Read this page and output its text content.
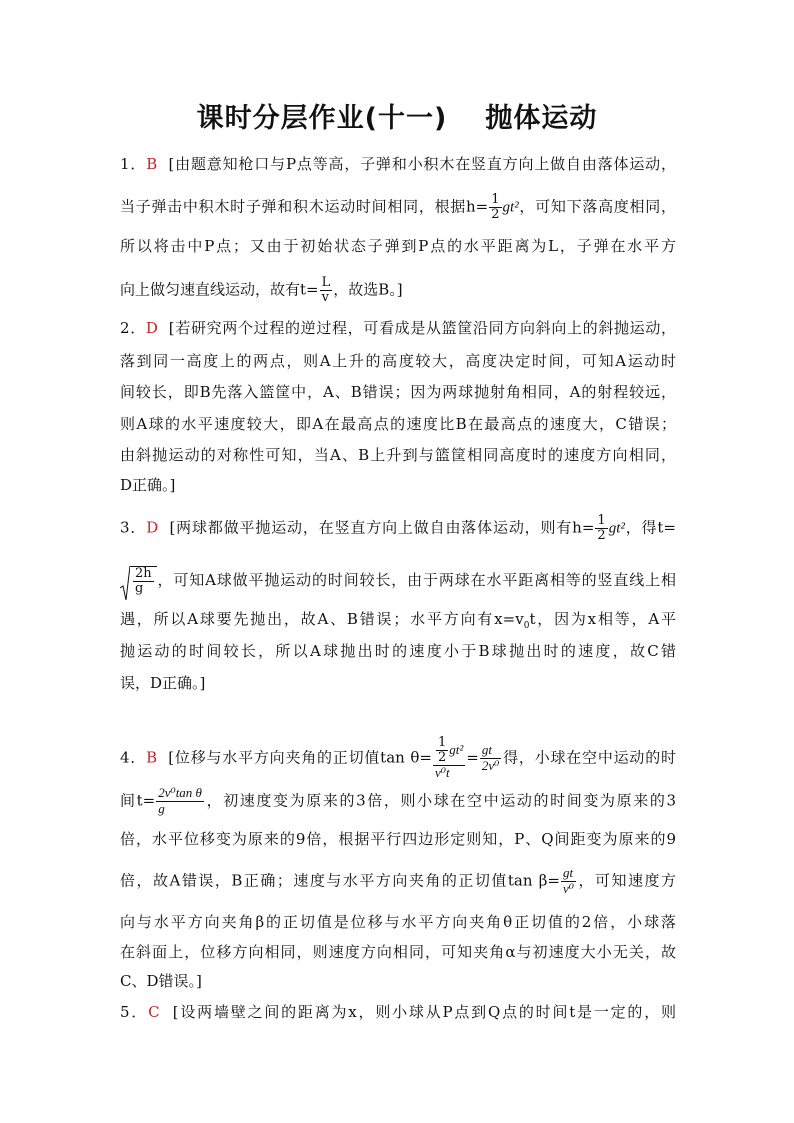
课时分层作业(十一) 抛体运动
1．B [由题意知枪口与P点等高，子弹和小积木在竖直方向上做自由落体运动，
当子弹击中积木时子弹和积木运动时间相同，根据$h= \frac{1}{2} gt^2$，可知下落高度相同，
所以将击中P点；又由于初始状态子弹到P点的水平距离为L，子弹在水平方
向上做匀速直线运动，故有$t= \frac{L}{v}$ ，故选B。]
2．D [若研究两个过程的逆过程，可看成是从篮筐沿同方向斜向上的斜抛运动，
落到同一高度上的两点，则A上升的高度较大，高度决定时间，可知A运动时
间较长，即B先落入篮筐中，A、B错误；因为两球抛射角相同，A的射程较远，
则A球的水平速度较大，即A在最高点的速度比B在最高点的速度大，C错误；
由斜抛运动的对称性可知，当A、B上升到与篮筐相同高度时的速度方向相同，
D正确。]
3．D [两球都做平抛运动，在竖直方向上做自由落体运动，则有$h= \frac{1}{2} gt^2$，得t=
$\frac{2h}{g}$ ，可知A球做平抛运动的时间较长，由于两球在水平距离相等的竖直线上相
遇，所以A球要先抛出，故A、B错误；水平方向有$x=v_0t$，因为x相等，A平
抛运动的时间较长，所以A球抛出时的速度小于B球抛出时的速度，故C错
误，D正确。]
4．B [位移与水平方向夹角的正切值$\tan \theta= \frac{\frac{1}{2} gt^2}{\text{v⁰t}} = \frac{gt}{\text{2v⁰}}$ 得，小球在空中运动的时
间$t= \frac{\text{2v⁰tan θ}}{g}$ ，初速度变为原来的3倍，则小球在空中运动的时间变为原来的3
倍，水平位移变为原来的9倍，根据平行四边形定则知，P、Q间距变为原来的9
倍，故A错误，B正确；速度与水平方向夹角的正切值$\tan \beta= \frac{gt}{\text{v⁰}}$ ，可知速度方
向与水平方向夹角β的正切值是位移与水平方向夹角θ正切值的2倍，小球落
在斜面上，位移方向相同，则速度方向相同，可知夹角α与初速度大小无关，故
C、D错误。]
5．C [设两墙壁之间的距离为x，则小球从P点到Q点的时间t是一定的，则
